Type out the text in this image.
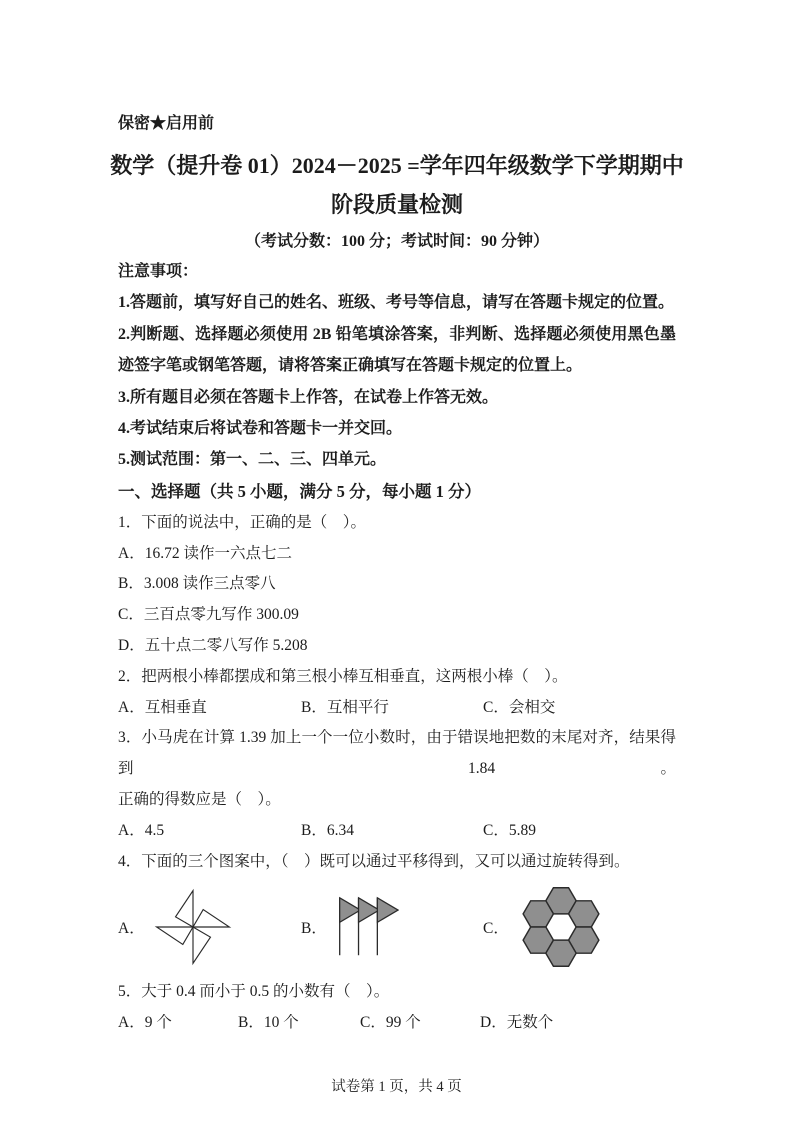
保密★启用前
数学（提升卷 01）2024－2025 =学年四年级数学下学期期中
阶段质量检测
（考试分数：100 分；考试时间：90 分钟）

注意事项：

1.答题前，填写好自己的姓名、班级、考号等信息，请写在答题卡规定的位置。

2.判断题、选择题必须使用 2B 铅笔填涂答案，非判断、选择题必须使用黑色墨

迹签字笔或钢笔答题，请将答案正确填写在答题卡规定的位置上。

3.所有题目必须在答题卡上作答，在试卷上作答无效。

4.考试结束后将试卷和答题卡一并交回。

5.测试范围：第一、二、三、四单元。

一、选择题（共 5 小题，满分 5 分，每小题 1 分）

1．下面的说法中，正确的是（　）。

A．16.72 读作一六点七二

B．3.008 读作三点零八

C．三百点零九写作 300.09

D．五十点二零八写作 5.208

2．把两根小棒都摆成和第三根小棒互相垂直，这两根小棒（　）。

A．互相垂直	B．互相平行	C．会相交

3．小马虎在计算 1.39 加上一个一位小数时，由于错误地把数的末尾对齐，结果得到 1.84。

正确的得数应是（　）。

A．4.5	B．6.34	C．5.89

4．下面的三个图案中，（　）既可以通过平移得到，又可以通过旋转得到。

A．	B．	C．

5．大于 0.4 而小于 0.5 的小数有（　）。

A．9 个	B．10 个	C．99 个	D．无数个
试卷第 1 页，共 4 页
